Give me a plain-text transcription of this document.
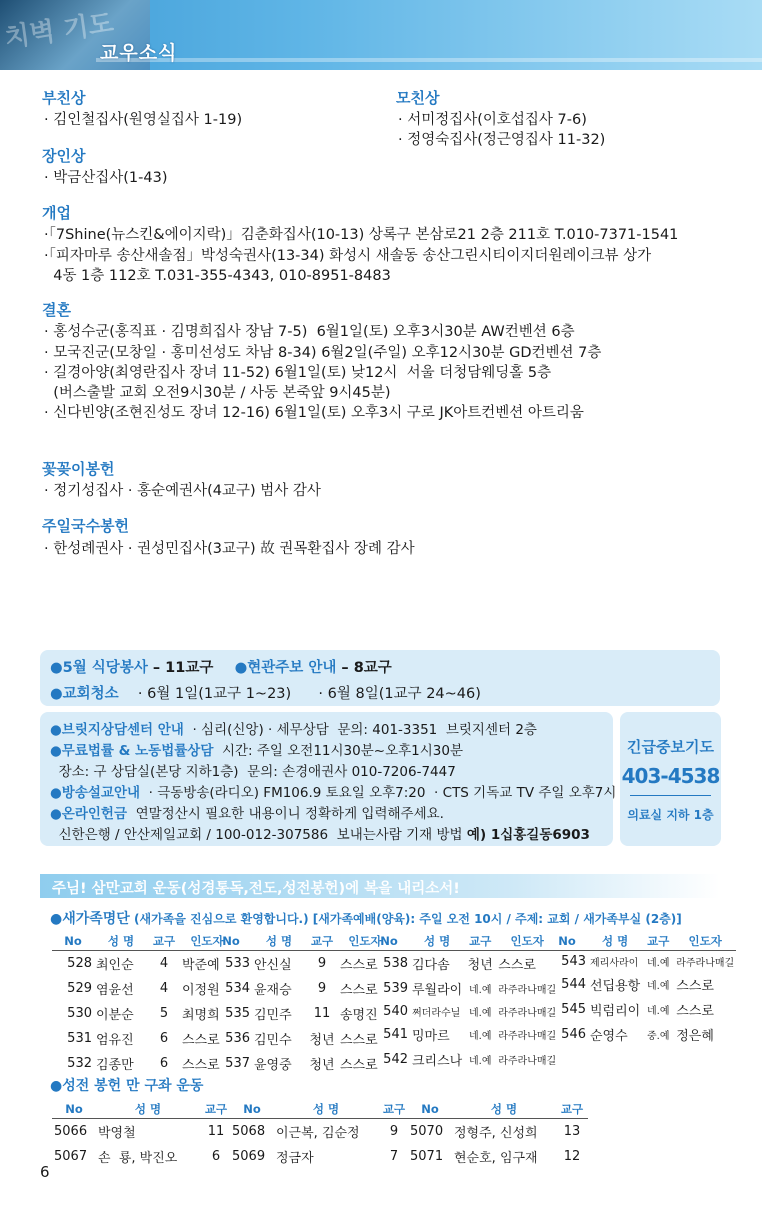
치벽 기도
교우소식
부친상
· 김인철집사(원영실집사 1-19)
모친상
· 서미정집사(이호섭집사 7-6)
· 정영숙집사(정근영집사 11-32)
장인상
· 박금산집사(1-43)
개업
·「7Shine(뉴스킨&에이지락)」김춘화집사(10-13) 상록구 본삼로21 2층 211호 T.010-7371-1541
·「피자마루 송산새솔점」박성숙권사(13-34) 화성시 새솔동 송산그린시티이지더원레이크뷰 상가
4동 1층 112호 T.031-355-4343, 010-8951-8483
결혼
· 홍성수군(홍직표 · 김명희집사 장남 7-5)  6월1일(토) 오후3시30분 AW컨벤션 6층
· 모국진군(모창일 · 홍미선성도 차남 8-34) 6월2일(주일) 오후12시30분 GD컨벤션 7층
· 길경아양(최영란집사 장녀 11-52) 6월1일(토) 낮12시  서울 더청담웨딩홀 5층
(버스출발 교회 오전9시30분 / 사동 본죽앞 9시45분)
· 신다빈양(조현진성도 장녀 12-16) 6월1일(토) 오후3시 구로 JK아트컨벤션 아트리움
꽃꽂이봉헌
· 정기성집사 · 홍순예권사(4교구) 범사 감사
주일국수봉헌
· 한성례권사 · 권성민집사(3교구) 故 권목환집사 장례 감사
●5월 식당봉사 – 11교구 ●현관주보 안내 – 8교구
●교회청소 · 6월 1일(1교구 1~23) · 6월 8일(1교구 24~46)
●브릿지상담센터 안내  · 심리(신앙) · 세무상담  문의: 401-3351  브릿지센터 2층
●무료법률 & 노동법률상담  시간: 주일 오전11시30분~오후1시30분
장소: 구 상담실(본당 지하1층)  문의: 손경애권사 010-7206-7447
●방송설교안내  · 극동방송(라디오) FM106.9 토요일 오후7:20  · CTS 기독교 TV 주일 오후7시
●온라인헌금  연말정산시 필요한 내용이니 정확하게 입력해주세요.
신한은행 / 안산제일교회 / 100-012-307586  보내는사람 기재 방법 예) 1십홍길동6903
긴급중보기도
403-4538
의료실 지하 1층
주님! 삼만교회 운동(성경통독,전도,성전봉헌)에 복을 내리소서!
●새가족명단 (새가족을 진심으로 환영합니다.) [새가족예배(양육): 주일 오전 10시 / 주제: 교회 / 새가족부실 (2층)]
No	성 명	교구	인도자
528	최인순	4	박준예
529	염윤선	4	이정원
530	이분순	5	최명희
531	엄유진	6	스스로
532	김종만	6	스스로
No	성 명	교구	인도자
533	안신실	9	스스로
534	윤재승	9	스스로
535	김민주	11	송명진
536	김민수	청년	스스로
537	윤영중	청년	스스로
No	성 명	교구	인도자
538	김다솜	청년	스스로
539	루월라이	네.예	라주라나매길
540	쩌더라수닐	네.예	라주라나매길
541	밍마르	네.예	라주라나매길
542	크리스나	네.예	라주라나매길
No	성 명	교구	인도자
543	제리사라이	네.예	라주라나매길
544	선딥용항	네.예	스스로
545	빅럼리이	네.예	스스로
546	순영수	중.예	정은혜
●성전 봉헌 만 구좌 운동
No	성 명	교구
5066	박영철	11
5067	손  룡, 박진오	6
No	성 명	교구
5068	이근복, 김순정	9
5069	정금자	7
No	성 명	교구
5070	정형주, 신성희	13
5071	현순호, 임구재	12
6
